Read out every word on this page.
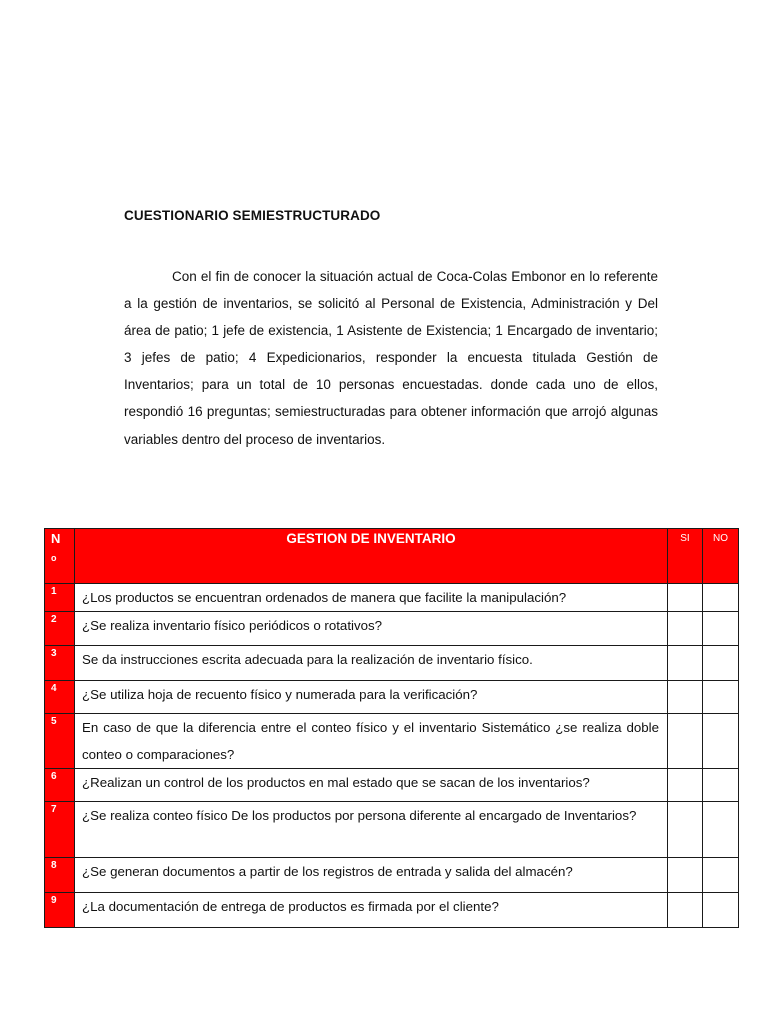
CUESTIONARIO SEMIESTRUCTURADO

Con el fin de conocer la situación actual de Coca-Colas Embonor en lo referente a la gestión de inventarios, se solicitó al Personal de Existencia, Administración y Del área de patio; 1 jefe de existencia, 1 Asistente de Existencia; 1 Encargado de inventario; 3 jefes de patio; 4 Expedicionarios, responder la encuesta titulada Gestión de Inventarios; para un total de 10 personas encuestadas. donde cada uno de ellos, respondió 16 preguntas; semiestructuradas para obtener información que arrojó algunas variables dentro del proceso de inventarios.

N
o	GESTION DE INVENTARIO	SI	NO
1	¿Los productos se encuentran ordenados de manera que facilite la manipulación?		
2	¿Se realiza inventario físico periódicos o rotativos?		
3	Se da instrucciones escrita adecuada para la realización de inventario físico.		
4	¿Se utiliza hoja de recuento físico y numerada para la verificación?		
5	En caso de que la diferencia entre el conteo físico y el inventario Sistemático ¿se realiza doble conteo o comparaciones?		
6	¿Realizan un control de los productos en mal estado que se sacan de los inventarios?		
7	¿Se realiza conteo físico De los productos por persona diferente al encargado de Inventarios?		
8	¿Se generan documentos a partir de los registros de entrada y salida del almacén?		
9	¿La documentación de entrega de productos es firmada por el cliente?		
